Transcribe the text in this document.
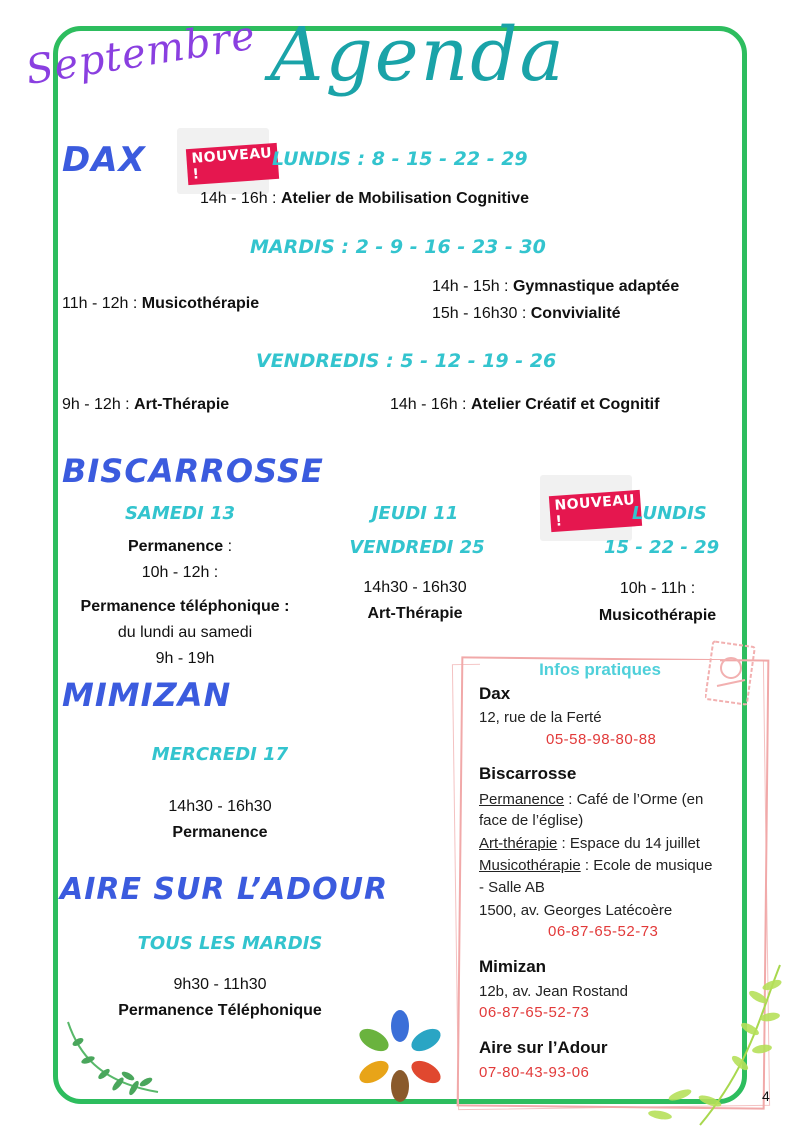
Septembre Agenda
DAX	NOUVEAU !
LUNDIS : 8 - 15 - 22 - 29
14h - 16h : Atelier de Mobilisation Cognitive
MARDIS : 2 - 9 - 16 - 23 - 30
11h - 12h : Musicothérapie
14h - 15h : Gymnastique adaptée
15h - 16h30 : Convivialité
VENDREDIS : 5 - 12 - 19 - 26
9h - 12h : Art-Thérapie	14h - 16h : Atelier Créatif et Cognitif
BISCARROSSE
SAMEDI 13
Permanence :
10h - 12h :
Permanence téléphonique :
du lundi au samedi
9h - 19h
JEUDI 11
VENDREDI 25
14h30 - 16h30
Art-Thérapie
NOUVEAU !	LUNDIS
15 - 22 - 29
10h - 11h :
Musicothérapie
MIMIZAN
MERCREDI 17
14h30 - 16h30
Permanence
AIRE SUR L’ADOUR
TOUS LES MARDIS
9h30 - 11h30
Permanence Téléphonique
Infos pratiques
Dax
12, rue de la Ferté
05-58-98-80-88
Biscarrosse
Permanence : Café de l’Orme (en
face de l’église)
Art-thérapie : Espace du 14 juillet
Musicothérapie : Ecole de musique
- Salle AB
1500, av. Georges Latécoère
06-87-65-52-73
Mimizan
12b, av. Jean Rostand
06-87-65-52-73
Aire sur l’Adour
07-80-43-93-06
4
